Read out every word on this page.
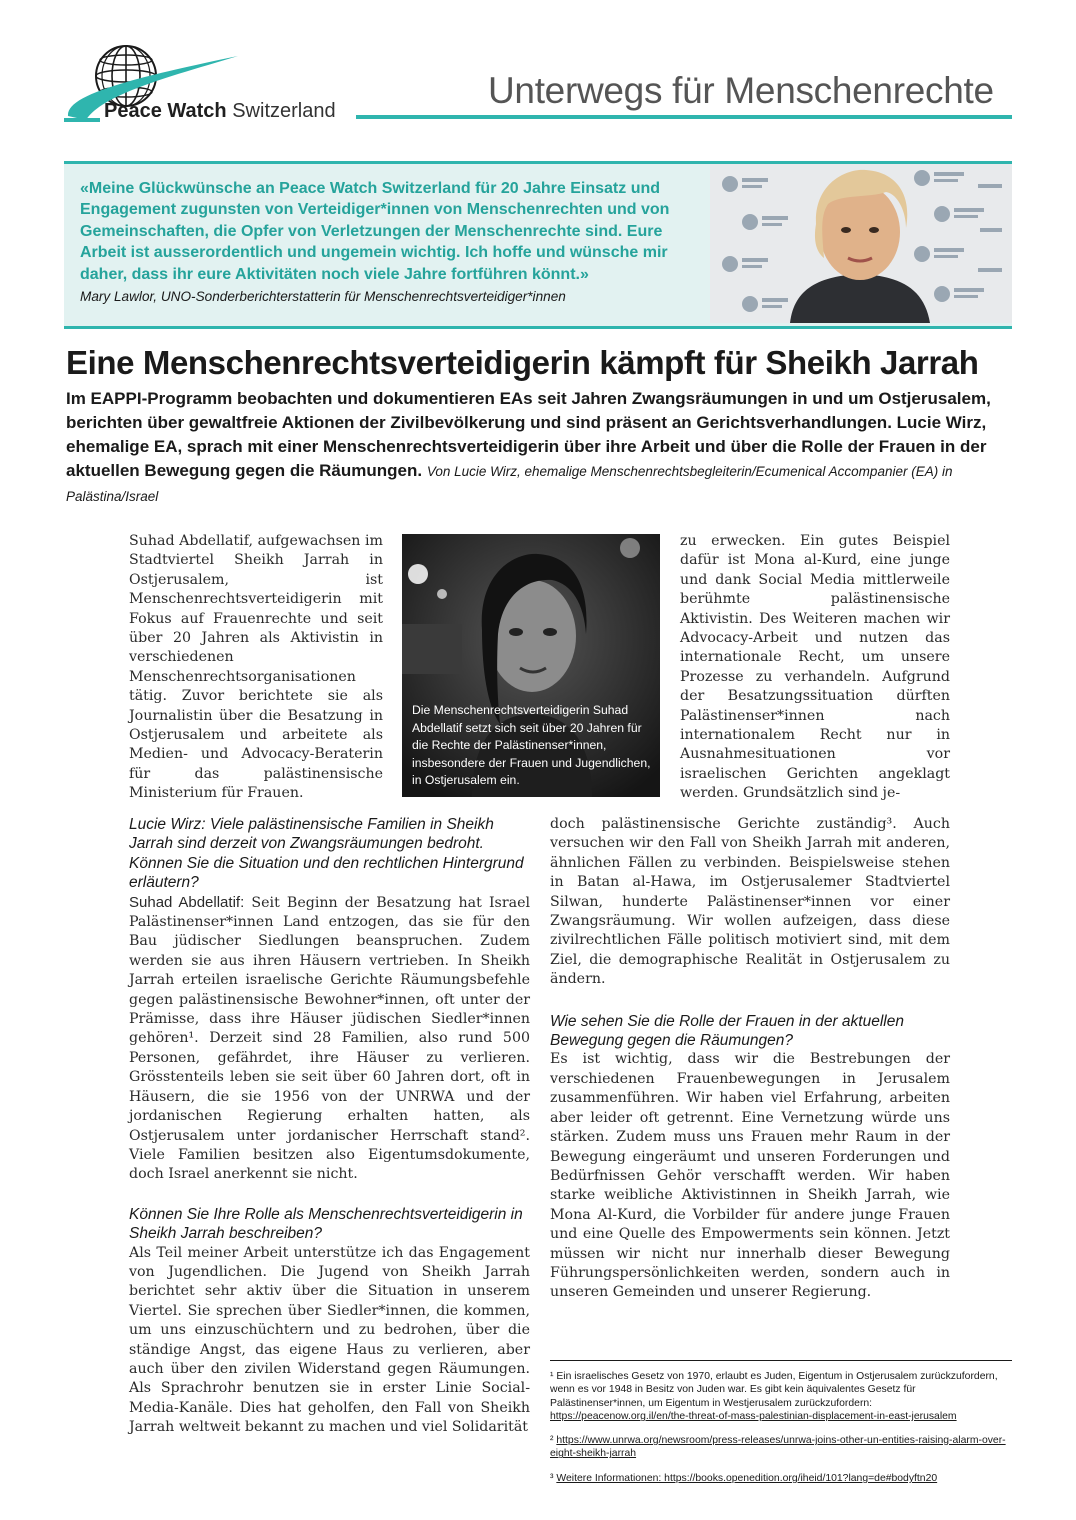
Peace Watch Switzerland	Unterwegs für Menschenrechte
«Meine Glückwünsche an Peace Watch Switzerland für 20 Jahre Einsatz und Engagement zugunsten von Verteidiger*innen von Menschenrechten und von Gemeinschaften, die Opfer von Verletzungen der Menschenrechte sind. Eure Arbeit ist ausserordentlich und ungemein wichtig. Ich hoffe und wünsche mir daher, dass ihr eure Aktivitäten noch viele Jahre fortführen könnt.»
Mary Lawlor, UNO-Sonderberichterstatterin für Menschenrechtsverteidiger*innen
Eine Menschenrechtsverteidigerin kämpft für Sheikh Jarrah
Im EAPPI-Programm beobachten und dokumentieren EAs seit Jahren Zwangsräumungen in und um Ostjerusalem, berichten über gewaltfreie Aktionen der Zivilbevölkerung und sind präsent an Gerichtsverhandlungen. Lucie Wirz, ehemalige EA, sprach mit einer Menschenrechtsverteidigerin über ihre Arbeit und über die Rolle der Frauen in der aktuellen Bewegung gegen die Räumungen. Von Lucie Wirz, ehemalige Menschenrechtsbegleiterin/Ecumenical Accompanier (EA) in Palästina/Israel
Suhad Abdellatif, aufgewachsen im Stadtviertel Sheikh Jarrah in Ostjerusalem, ist Menschenrechtsverteidigerin mit Fokus auf Frauenrechte und seit über 20 Jahren als Aktivistin in verschiedenen Menschenrechtsorganisationen tätig. Zuvor berichtete sie als Journalistin über die Besatzung in Ostjerusalem und arbeitete als Medien- und Advocacy-Beraterin für das palästinensische Ministerium für Frauen.
Die Menschenrechtsverteidigerin Suhad Abdellatif setzt sich seit über 20 Jahren für die Rechte der Palästinenser*innen, insbesondere der Frauen und Jugendlichen, in Ostjerusalem ein.
Lucie Wirz: Viele palästinensische Familien in Sheikh Jarrah sind derzeit von Zwangsräumungen bedroht. Können Sie die Situation und den rechtlichen Hintergrund erläutern?
Suhad Abdellatif: Seit Beginn der Besatzung hat Israel Palästinenser*innen Land entzogen, das sie für den Bau jüdischer Siedlungen beanspruchen. Zudem werden sie aus ihren Häusern vertrieben. In Sheikh Jarrah erteilen israelische Gerichte Räumungsbefehle gegen palästinensische Bewohner*innen, oft unter der Prämisse, dass ihre Häuser jüdischen Siedler*innen gehören¹. Derzeit sind 28 Familien, also rund 500 Personen, gefährdet, ihre Häuser zu verlieren. Grösstenteils leben sie seit über 60 Jahren dort, oft in Häusern, die sie 1956 von der UNRWA und der jordanischen Regierung erhalten hatten, als Ostjerusalem unter jordanischer Herrschaft stand². Viele Familien besitzen also Eigentumsdokumente, doch Israel anerkennt sie nicht.
Können Sie Ihre Rolle als Menschenrechtsverteidigerin in Sheikh Jarrah beschreiben?
Als Teil meiner Arbeit unterstütze ich das Engagement von Jugendlichen. Die Jugend von Sheikh Jarrah berichtet sehr aktiv über die Situation in unserem Viertel. Sie sprechen über Siedler*innen, die kommen, um uns einzuschüchtern und zu bedrohen, über die ständige Angst, das eigene Haus zu verlieren, aber auch über den zivilen Widerstand gegen Räumungen. Als Sprachrohr benutzen sie in erster Linie Social-Media-Kanäle. Dies hat geholfen, den Fall von Sheikh Jarrah weltweit bekannt zu machen und viel Solidarität
zu erwecken. Ein gutes Beispiel dafür ist Mona al-Kurd, eine junge und dank Social Media mittlerweile berühmte palästinensische Aktivistin. Des Weiteren machen wir Advocacy-Arbeit und nutzen das internationale Recht, um unsere Prozesse zu verhandeln. Aufgrund der Besatzungssituation dürften Palästinenser*innen nach internationalem Recht nur in Ausnahmesituationen vor israelischen Gerichten angeklagt werden. Grundsätzlich sind je-
doch palästinensische Gerichte zuständig³. Auch versuchen wir den Fall von Sheikh Jarrah mit anderen, ähnlichen Fällen zu verbinden. Beispielsweise stehen in Batan al-Hawa, im Ostjerusalemer Stadtviertel Silwan, hunderte Palästinenser*innen vor einer Zwangsräumung. Wir wollen aufzeigen, dass diese zivilrechtlichen Fälle politisch motiviert sind, mit dem Ziel, die demographische Realität in Ostjerusalem zu ändern.
Wie sehen Sie die Rolle der Frauen in der aktuellen Bewegung gegen die Räumungen?
Es ist wichtig, dass wir die Bestrebungen der verschiedenen Frauenbewegungen in Jerusalem zusammenführen. Wir haben viel Erfahrung, arbeiten aber leider oft getrennt. Eine Vernetzung würde uns stärken. Zudem muss uns Frauen mehr Raum in der Bewegung eingeräumt und unseren Forderungen und Bedürfnissen Gehör verschafft werden. Wir haben starke weibliche Aktivistinnen in Sheikh Jarrah, wie Mona Al-Kurd, die Vorbilder für andere junge Frauen und eine Quelle des Empowerments sein können. Jetzt müssen wir nicht nur innerhalb dieser Bewegung Führungspersönlichkeiten werden, sondern auch in unseren Gemeinden und unserer Regierung.
¹ Ein israelisches Gesetz von 1970, erlaubt es Juden, Eigentum in Ostjerusalem zurückzufordern, wenn es vor 1948 in Besitz von Juden war. Es gibt kein äquivalentes Gesetz für Palästinenser*innen, um Eigentum in Westjerusalem zurückzufordern: https://peacenow.org.il/en/the-threat-of-mass-palestinian-displacement-in-east-jerusalem
² https://www.unrwa.org/newsroom/press-releases/unrwa-joins-other-un-entities-raising-alarm-over-eight-sheikh-jarrah
³ Weitere Informationen: https://books.openedition.org/iheid/101?lang=de#bodyftn20
